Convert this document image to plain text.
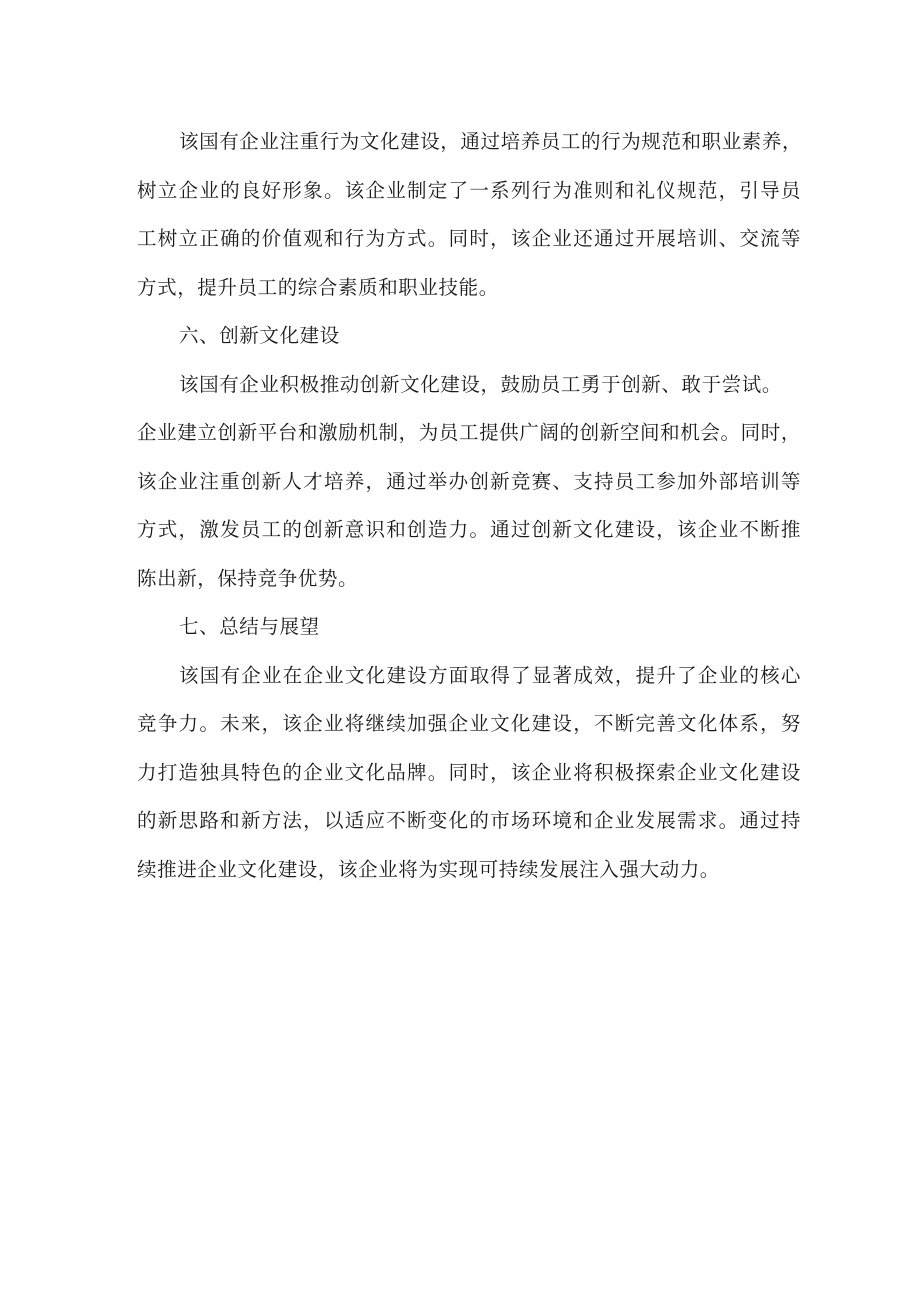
该国有企业注重行为文化建设，通过培养员工的行为规范和职业素养，
树立企业的良好形象。该企业制定了一系列行为准则和礼仪规范，引导员
工树立正确的价值观和行为方式。同时，该企业还通过开展培训、交流等
方式，提升员工的综合素质和职业技能。
六、创新文化建设
该国有企业积极推动创新文化建设，鼓励员工勇于创新、敢于尝试。
企业建立创新平台和激励机制，为员工提供广阔的创新空间和机会。同时，
该企业注重创新人才培养，通过举办创新竞赛、支持员工参加外部培训等
方式，激发员工的创新意识和创造力。通过创新文化建设，该企业不断推
陈出新，保持竞争优势。
七、总结与展望
该国有企业在企业文化建设方面取得了显著成效，提升了企业的核心
竞争力。未来，该企业将继续加强企业文化建设，不断完善文化体系，努
力打造独具特色的企业文化品牌。同时，该企业将积极探索企业文化建设
的新思路和新方法，以适应不断变化的市场环境和企业发展需求。通过持
续推进企业文化建设，该企业将为实现可持续发展注入强大动力。
